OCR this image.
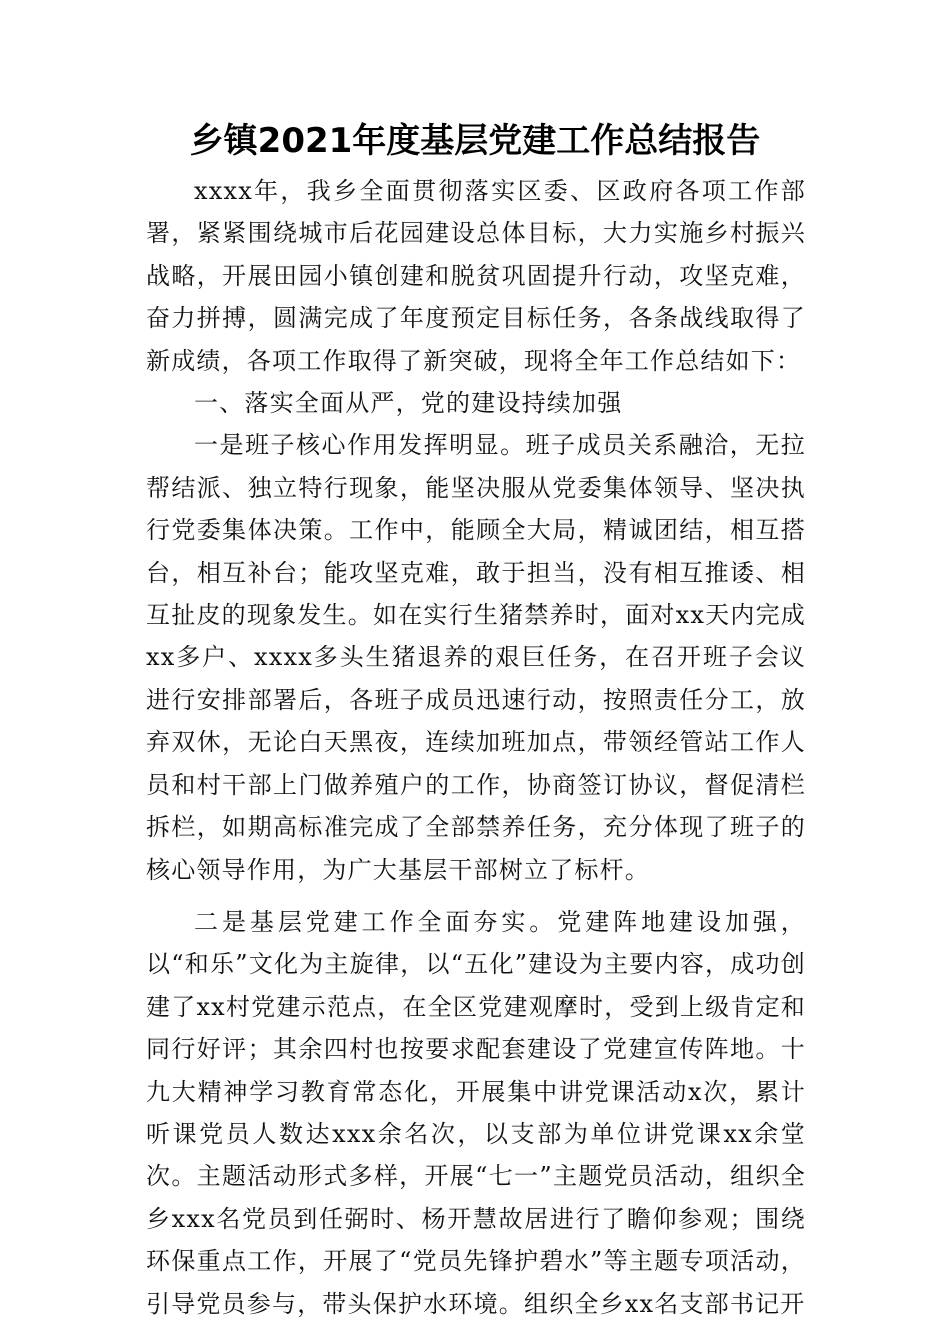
乡镇2021年度基层党建工作总结报告

xxxx年，我乡全面贯彻落实区委、区政府各项工作部署，紧紧围绕城市后花园建设总体目标，大力实施乡村振兴战略，开展田园小镇创建和脱贫巩固提升行动，攻坚克难，奋力拼搏，圆满完成了年度预定目标任务，各条战线取得了新成绩，各项工作取得了新突破，现将全年工作总结如下：

一、落实全面从严，党的建设持续加强

一是班子核心作用发挥明显。班子成员关系融洽，无拉帮结派、独立特行现象，能坚决服从党委集体领导、坚决执行党委集体决策。工作中，能顾全大局，精诚团结，相互搭台，相互补台；能攻坚克难，敢于担当，没有相互推诿、相互扯皮的现象发生。如在实行生猪禁养时，面对xx天内完成xx多户、xxxx多头生猪退养的艰巨任务，在召开班子会议进行安排部署后，各班子成员迅速行动，按照责任分工，放弃双休，无论白天黑夜，连续加班加点，带领经管站工作人员和村干部上门做养殖户的工作，协商签订协议，督促清栏拆栏，如期高标准完成了全部禁养任务，充分体现了班子的核心领导作用，为广大基层干部树立了标杆。

二是基层党建工作全面夯实。党建阵地建设加强，以“和乐”文化为主旋律，以“五化”建设为主要内容，成功创建了xx村党建示范点，在全区党建观摩时，受到上级肯定和同行好评；其余四村也按要求配套建设了党建宣传阵地。十九大精神学习教育常态化，开展集中讲党课活动x次，累计听课党员人数达xxx余名次，以支部为单位讲党课xx余堂次。主题活动形式多样，开展“七一”主题党员活动，组织全乡xxx名党员到任弼时、杨开慧故居进行了瞻仰参观；围绕环保重点工作，开展了“党员先锋护碧水”等主题专项活动，引导党员参与，带头保护水环境。组织全乡xx名支部书记开
